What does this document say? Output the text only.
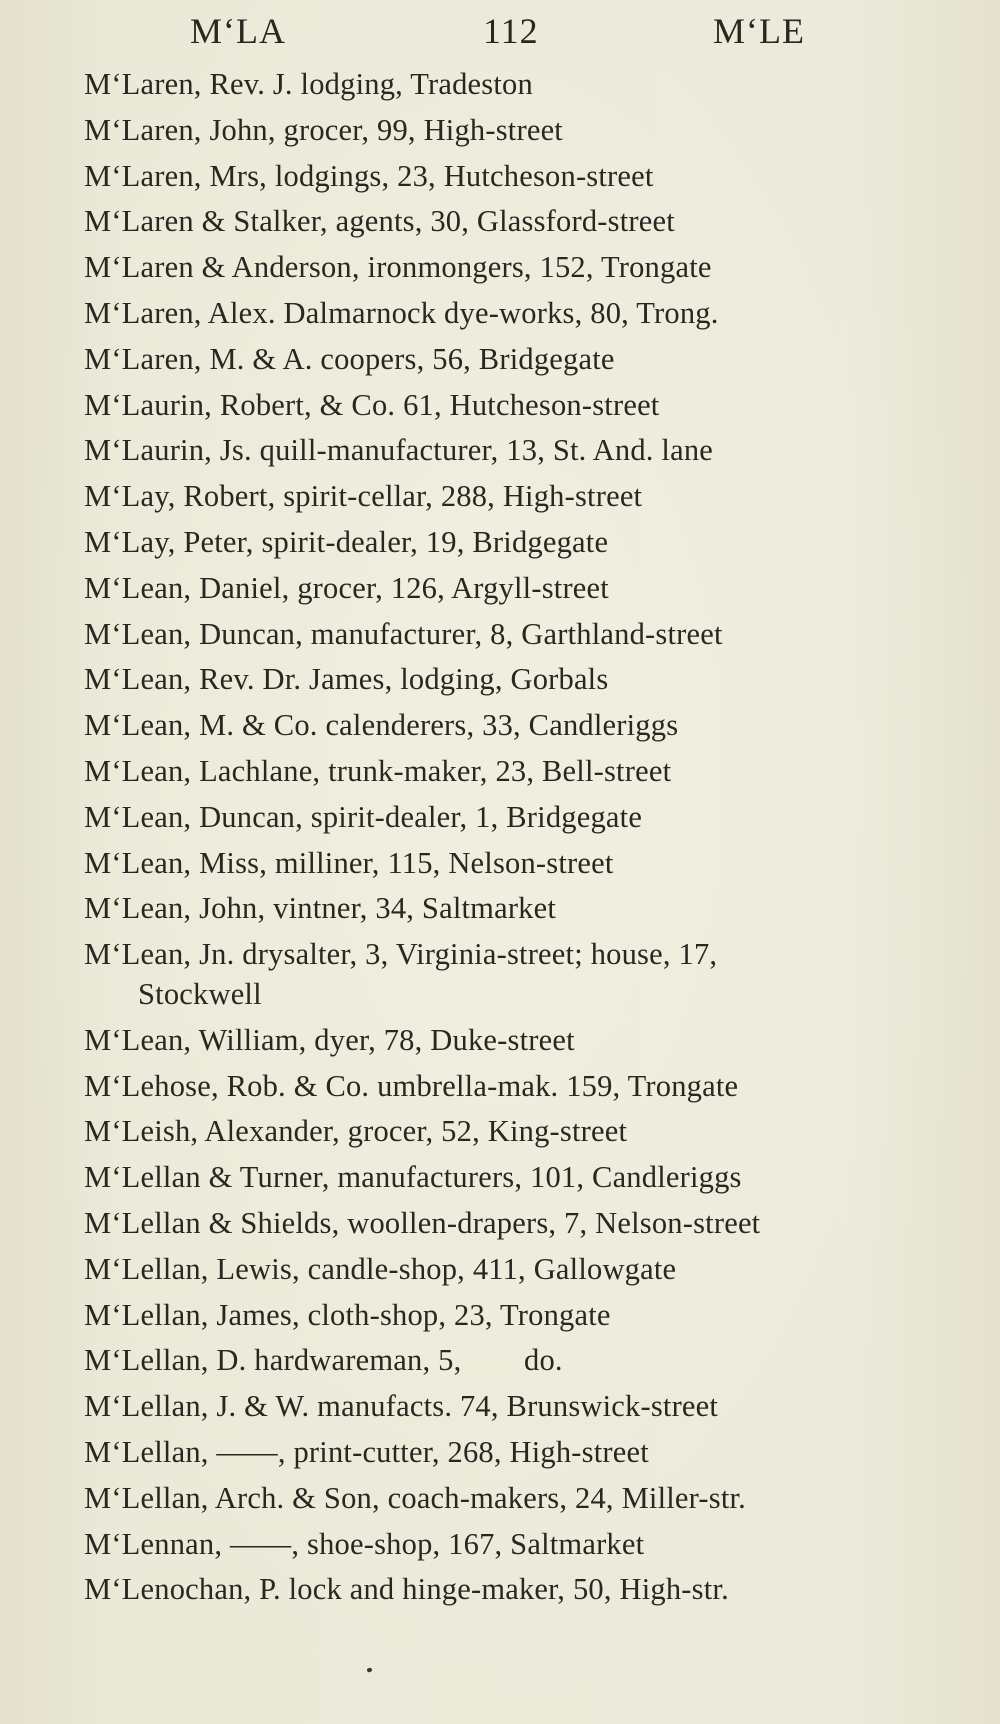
M‘LA	112	M‘LE
M‘Laren, Rev. J. lodging, Tradeston
M‘Laren, John, grocer, 99, High-street
M‘Laren, Mrs, lodgings, 23, Hutcheson-street
M‘Laren & Stalker, agents, 30, Glassford-street
M‘Laren & Anderson, ironmongers, 152, Trongate
M‘Laren, Alex. Dalmarnock dye-works, 80, Trong.
M‘Laren, M. & A. coopers, 56, Bridgegate
M‘Laurin, Robert, & Co. 61, Hutcheson-street
M‘Laurin, Js. quill-manufacturer, 13, St. And. lane
M‘Lay, Robert, spirit-cellar, 288, High-street
M‘Lay, Peter, spirit-dealer, 19, Bridgegate
M‘Lean, Daniel, grocer, 126, Argyll-street
M‘Lean, Duncan, manufacturer, 8, Garthland-street
M‘Lean, Rev. Dr. James, lodging, Gorbals
M‘Lean, M. & Co. calenderers, 33, Candleriggs
M‘Lean, Lachlane, trunk-maker, 23, Bell-street
M‘Lean, Duncan, spirit-dealer, 1, Bridgegate
M‘Lean, Miss, milliner, 115, Nelson-street
M‘Lean, John, vintner, 34, Saltmarket
M‘Lean, Jn. drysalter, 3, Virginia-street; house, 17,
Stockwell
M‘Lean, William, dyer, 78, Duke-street
M‘Lehose, Rob. & Co. umbrella-mak. 159, Trongate
M‘Leish, Alexander, grocer, 52, King-street
M‘Lellan & Turner, manufacturers, 101, Candleriggs
M‘Lellan & Shields, woollen-drapers, 7, Nelson-street
M‘Lellan, Lewis, candle-shop, 411, Gallowgate
M‘Lellan, James, cloth-shop, 23, Trongate
M‘Lellan, D. hardwareman, 5,        do.
M‘Lellan, J. & W. manufacts. 74, Brunswick-street
M‘Lellan, ——, print-cutter, 268, High-street
M‘Lellan, Arch. & Son, coach-makers, 24, Miller-str.
M‘Lennan, ——, shoe-shop, 167, Saltmarket
M‘Lenochan, P. lock and hinge-maker, 50, High-str.
